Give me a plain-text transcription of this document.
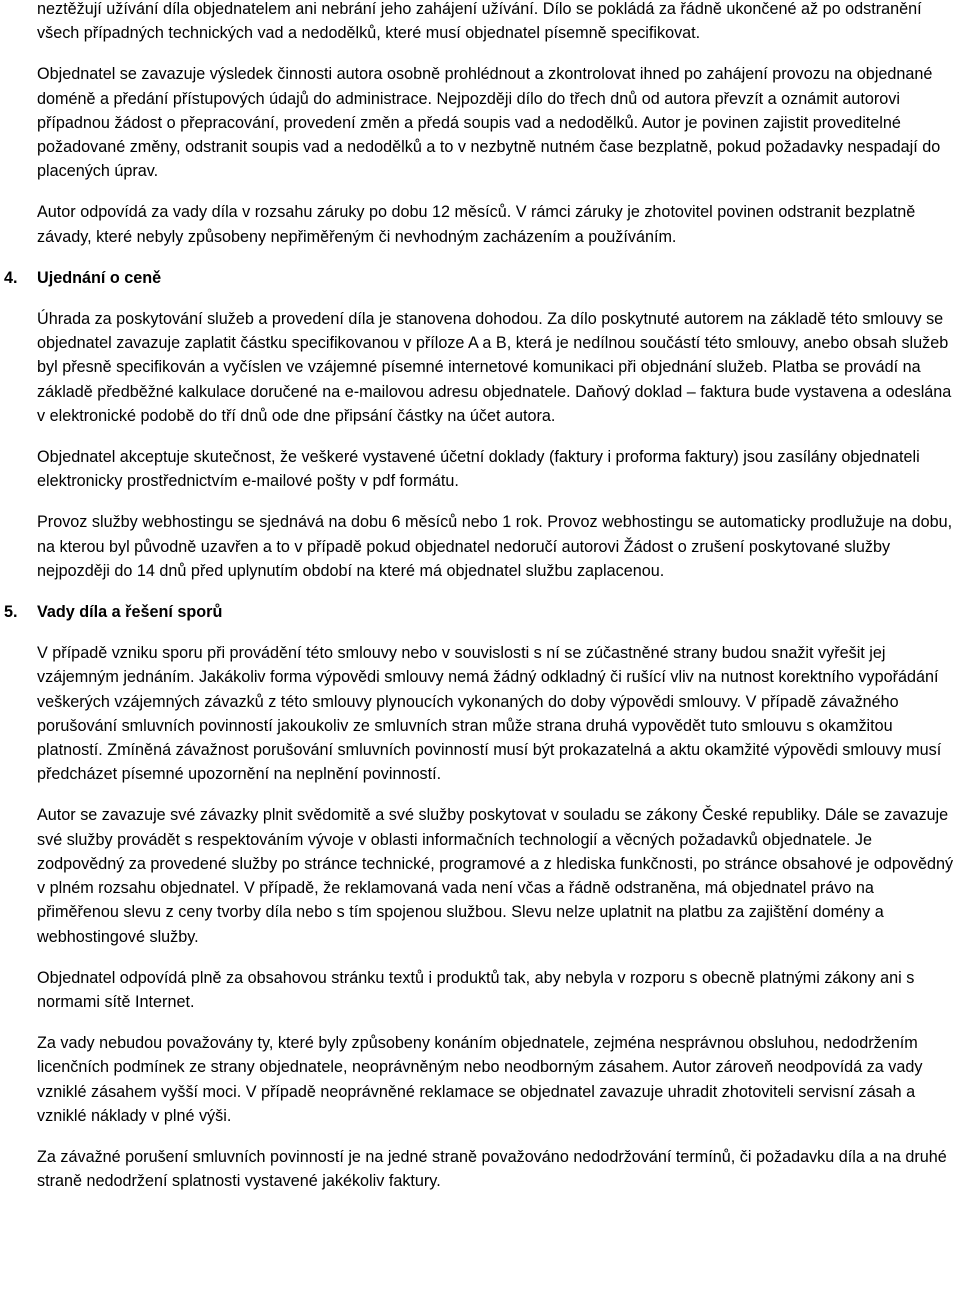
neztěžují užívání díla objednatelem ani nebrání jeho zahájení užívání. Dílo se pokládá za řádně ukončené až po odstranění všech případných technických vad a nedodělků, které musí objednatel písemně specifikovat.

Objednatel se zavazuje výsledek činnosti autora osobně prohlédnout a zkontrolovat ihned po zahájení provozu na objednané doméně a předání přístupových údajů do administrace. Nejpozději dílo do třech dnů od autora převzít a oznámit autorovi případnou žádost o přepracování, provedení změn a předá soupis vad a nedodělků. Autor je povinen zajistit proveditelné požadované změny, odstranit soupis vad a nedodělků a to v nezbytně nutném čase bezplatně, pokud požadavky nespadají do placených úprav.

Autor odpovídá za vady díla v rozsahu záruky po dobu 12 měsíců. V rámci záruky je zhotovitel povinen odstranit bezplatně závady, které nebyly způsobeny nepřiměřeným či nevhodným zacházením a používáním.

4. Ujednání o ceně

Úhrada za poskytování služeb a provedení díla je stanovena dohodou. Za dílo poskytnuté autorem na základě této smlouvy se objednatel zavazuje zaplatit částku specifikovanou v příloze A a B, která je nedílnou součástí této smlouvy, anebo obsah služeb byl přesně specifikován a vyčíslen ve vzájemné písemné internetové komunikaci při objednání služeb. Platba se provádí na základě předběžné kalkulace doručené na e-mailovou adresu objednatele. Daňový doklad – faktura bude vystavena a odeslána v elektronické podobě do tří dnů ode dne připsání částky na účet autora.

Objednatel akceptuje skutečnost, že veškeré vystavené účetní doklady (faktury i proforma faktury) jsou zasílány objednateli elektronicky prostřednictvím e-mailové pošty v pdf formátu.

Provoz služby webhostingu se sjednává na dobu 6 měsíců nebo 1 rok. Provoz webhostingu se automaticky prodlužuje na dobu, na kterou byl původně uzavřen a to v případě pokud objednatel nedoručí autorovi Žádost o zrušení poskytované služby nejpozději do 14 dnů před uplynutím období na které má objednatel službu zaplacenou.

5. Vady díla a řešení sporů

V případě vzniku sporu při provádění této smlouvy nebo v souvislosti s ní se zúčastněné strany budou snažit vyřešit jej vzájemným jednáním. Jakákoliv forma výpovědi smlouvy nemá žádný odkladný či rušící vliv na nutnost korektního vypořádání veškerých vzájemných závazků z této smlouvy plynoucích vykonaných do doby výpovědi smlouvy. V případě závažného porušování smluvních povinností jakoukoliv ze smluvních stran může strana druhá vypovědět tuto smlouvu s okamžitou platností. Zmíněná závažnost porušování smluvních povinností musí být prokazatelná a aktu okamžité výpovědi smlouvy musí předcházet písemné upozornění na neplnění povinností.

Autor se zavazuje své závazky plnit svědomitě a své služby poskytovat v souladu se zákony České republiky. Dále se zavazuje své služby provádět s respektováním vývoje v oblasti informačních technologií a věcných požadavků objednatele. Je zodpovědný za provedené služby po stránce technické, programové a z hlediska funkčnosti, po stránce obsahové je odpovědný v plném rozsahu objednatel. V případě, že reklamovaná vada není včas a řádně odstraněna, má objednatel právo na přiměřenou slevu z ceny tvorby díla nebo s tím spojenou službou. Slevu nelze uplatnit na platbu za zajištění domény a webhostingové služby.

Objednatel odpovídá plně za obsahovou stránku textů i produktů tak, aby nebyla v rozporu s obecně platnými zákony ani s normami sítě Internet.

Za vady nebudou považovány ty, které byly způsobeny konáním objednatele, zejména nesprávnou obsluhou, nedodržením licenčních podmínek ze strany objednatele, neoprávněným nebo neodborným zásahem. Autor zároveň neodpovídá za vady vzniklé zásahem vyšší moci. V případě neoprávněné reklamace se objednatel zavazuje uhradit zhotoviteli servisní zásah a vzniklé náklady v plné výši.

Za závažné porušení smluvních povinností je na jedné straně považováno nedodržování termínů, či požadavku díla a na druhé straně nedodržení splatnosti vystavené jakékoliv faktury.
